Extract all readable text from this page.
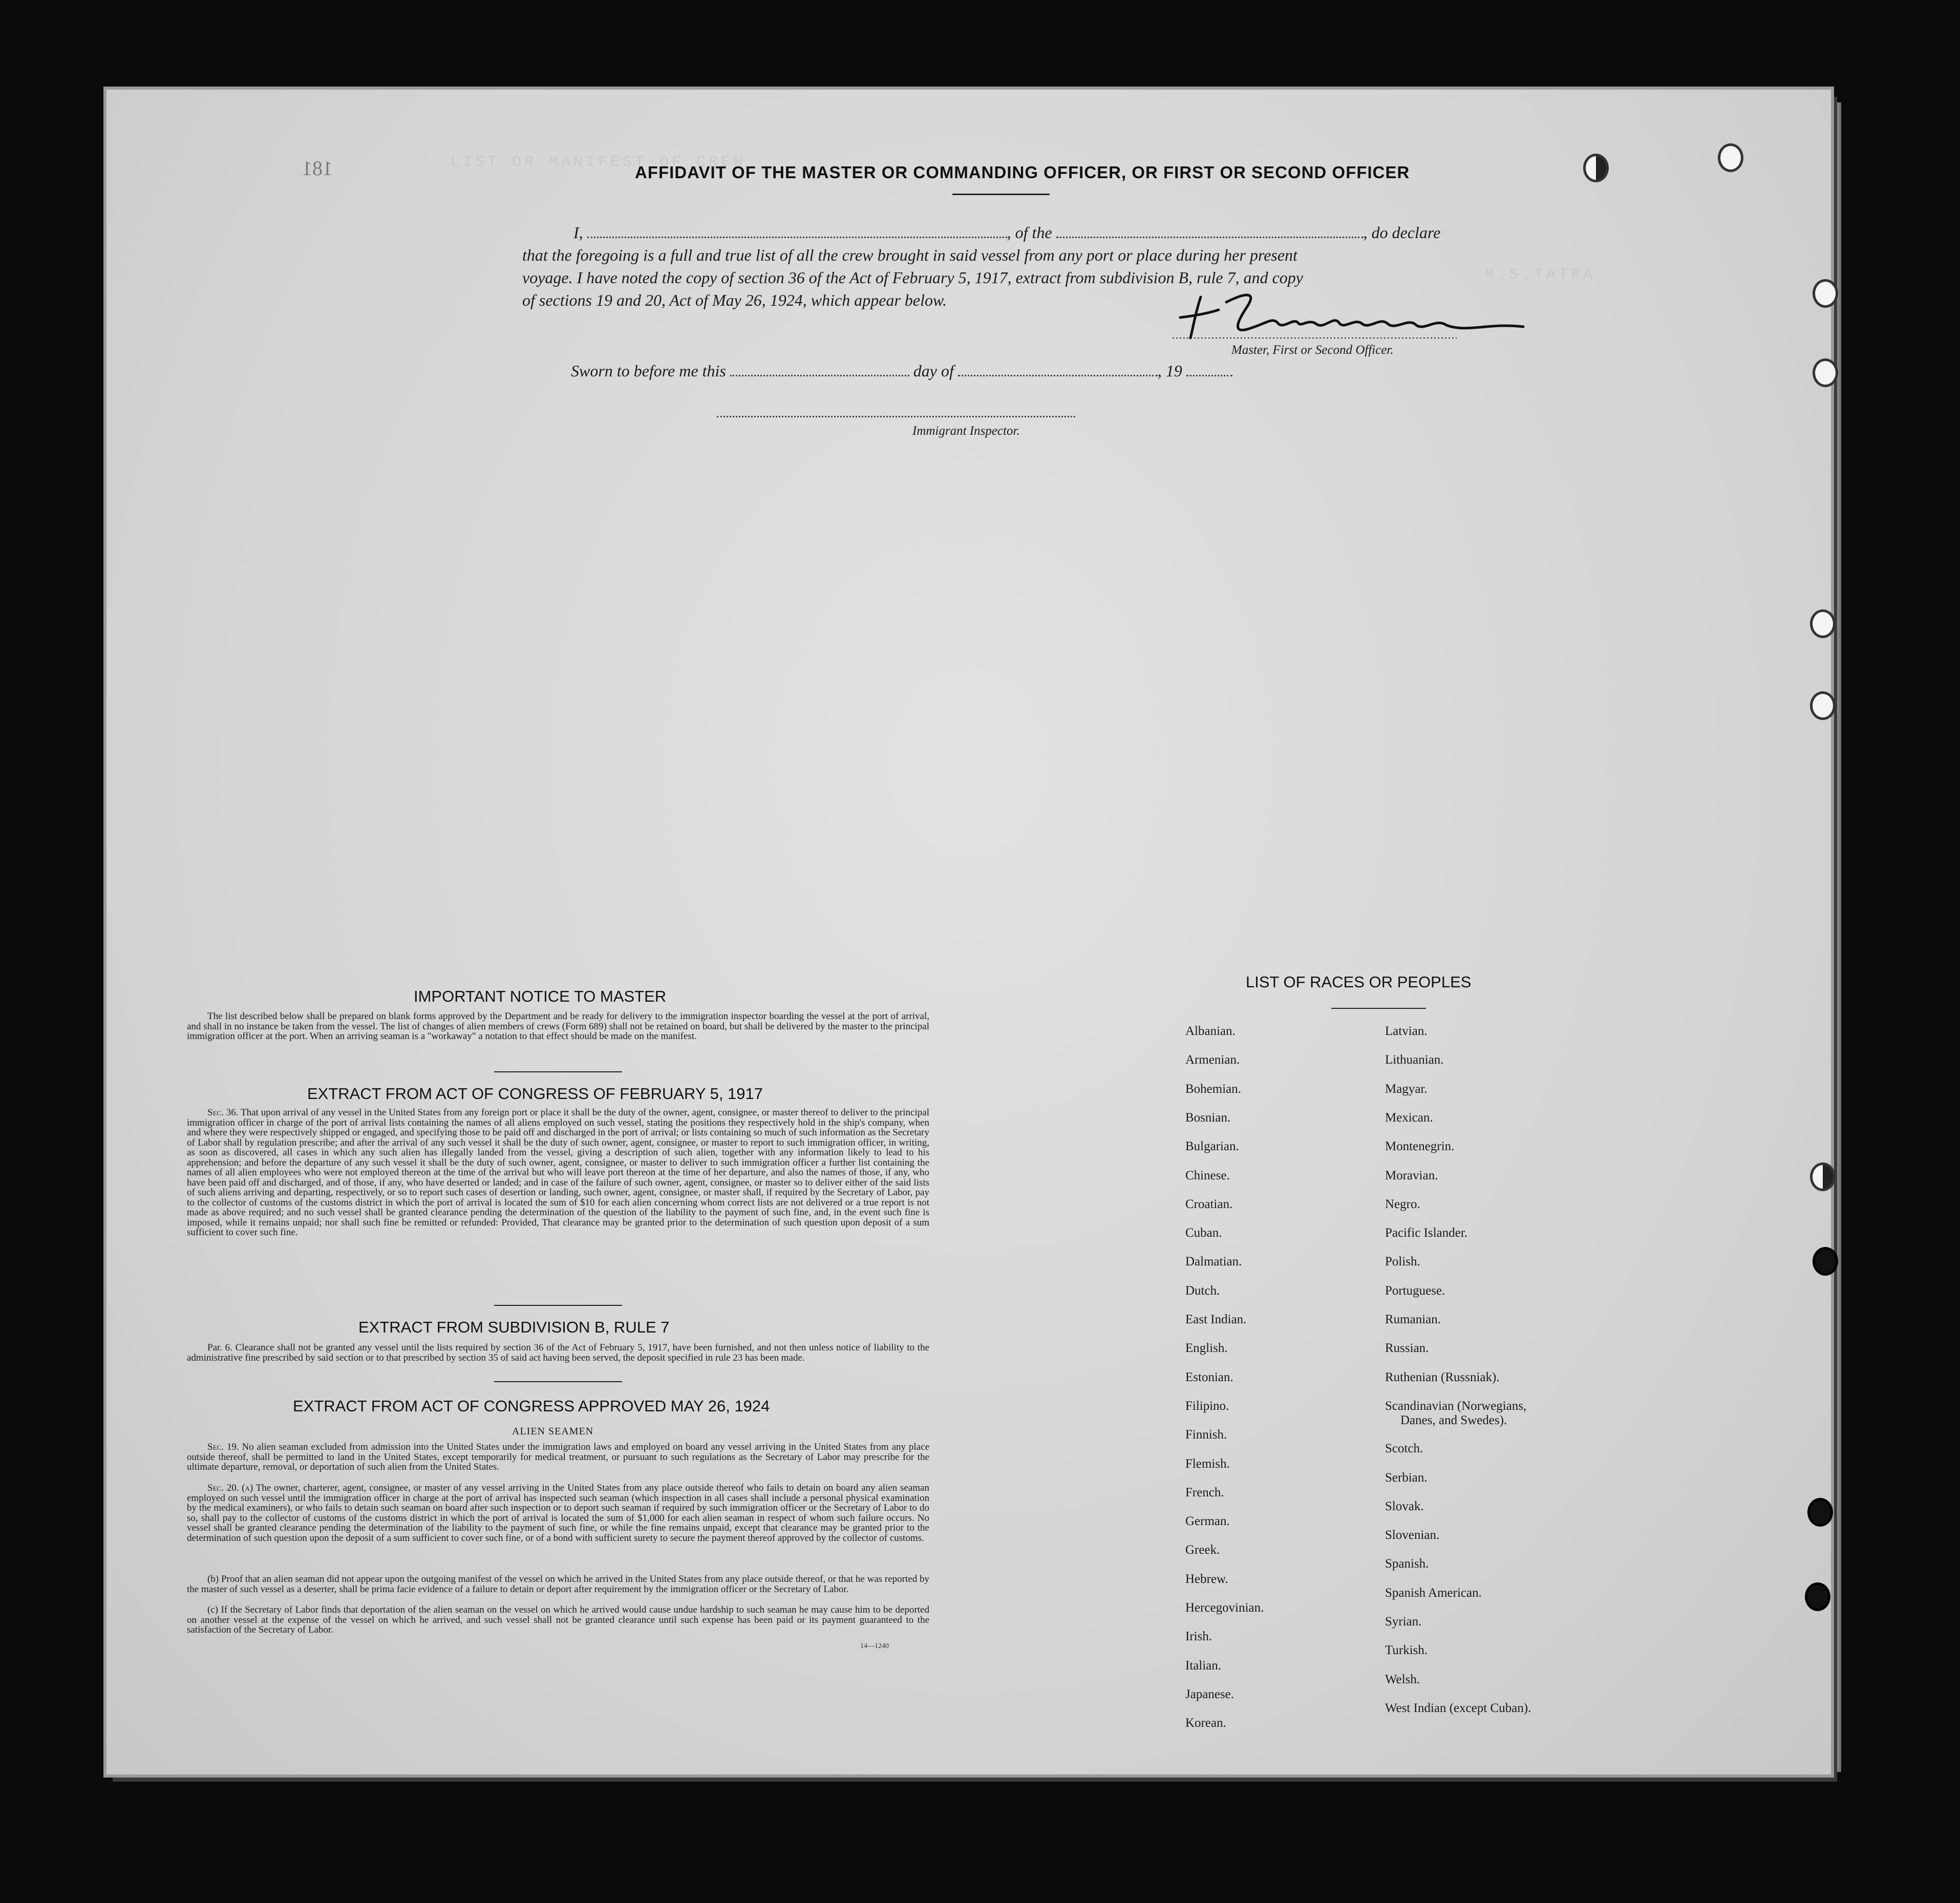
LIST OR MANIFEST OF CREW
M.S.TATRA
181	AFFIDAVIT OF THE MASTER OR COMMANDING OFFICER, OR FIRST OR SECOND OFFICER
I,	, of the	, do declare
that the foregoing is a full and true list of all the crew brought in said vessel from any port or place during her present
voyage. I have noted the copy of section 36 of the Act of February 5, 1917, extract from subdivision B, rule 7, and copy
of sections 19 and 20, Act of May 26, 1924, which appear below.
Master, First or Second Officer.
Sworn to before me this	day of	, 19
Immigrant Inspector.
IMPORTANT NOTICE TO MASTER
The list described below shall be prepared on blank forms approved by the Department and be ready for delivery to the immigration inspector boarding the vessel at the port of arrival, and shall in no instance be taken from the vessel. The list of changes of alien members of crews (Form 689) shall not be retained on board, but shall be delivered by the master to the principal immigration officer at the port. When an arriving seaman is a "workaway" a notation to that effect should be made on the manifest.
EXTRACT FROM ACT OF CONGRESS OF FEBRUARY 5, 1917
Sec. 36. That upon arrival of any vessel in the United States from any foreign port or place it shall be the duty of the owner, agent, consignee, or master thereof to deliver to the principal immigration officer in charge of the port of arrival lists containing the names of all aliens employed on such vessel, stating the positions they respectively hold in the ship's company, when and where they were respectively shipped or engaged, and specifying those to be paid off and discharged in the port of arrival; or lists containing so much of such information as the Secretary of Labor shall by regulation prescribe; and after the arrival of any such vessel it shall be the duty of such owner, agent, consignee, or master to report to such immigration officer, in writing, as soon as discovered, all cases in which any such alien has illegally landed from the vessel, giving a description of such alien, together with any information likely to lead to his apprehension; and before the departure of any such vessel it shall be the duty of such owner, agent, consignee, or master to deliver to such immigration officer a further list containing the names of all alien employees who were not employed thereon at the time of the arrival but who will leave port thereon at the time of her departure, and also the names of those, if any, who have been paid off and discharged, and of those, if any, who have deserted or landed; and in case of the failure of such owner, agent, consignee, or master so to deliver either of the said lists of such aliens arriving and departing, respectively, or so to report such cases of desertion or landing, such owner, agent, consignee, or master shall, if required by the Secretary of Labor, pay to the collector of customs of the customs district in which the port of arrival is located the sum of $10 for each alien concerning whom correct lists are not delivered or a true report is not made as above required; and no such vessel shall be granted clearance pending the determination of the question of the liability to the payment of such fine, and, in the event such fine is imposed, while it remains unpaid; nor shall such fine be remitted or refunded: Provided, That clearance may be granted prior to the determination of such question upon deposit of a sum sufficient to cover such fine.
EXTRACT FROM SUBDIVISION B, RULE 7
Par. 6. Clearance shall not be granted any vessel until the lists required by section 36 of the Act of February 5, 1917, have been furnished, and not then unless notice of liability to the administrative fine prescribed by said section or to that prescribed by section 35 of said act having been served, the deposit specified in rule 23 has been made.
EXTRACT FROM ACT OF CONGRESS APPROVED MAY 26, 1924
ALIEN SEAMEN
Sec. 19. No alien seaman excluded from admission into the United States under the immigration laws and employed on board any vessel arriving in the United States from any place outside thereof, shall be permitted to land in the United States, except temporarily for medical treatment, or pursuant to such regulations as the Secretary of Labor may prescribe for the ultimate departure, removal, or deportation of such alien from the United States.
Sec. 20. (a) The owner, charterer, agent, consignee, or master of any vessel arriving in the United States from any place outside thereof who fails to detain on board any alien seaman employed on such vessel until the immigration officer in charge at the port of arrival has inspected such seaman (which inspection in all cases shall include a personal physical examination by the medical examiners), or who fails to detain such seaman on board after such inspection or to deport such seaman if required by such immigration officer or the Secretary of Labor to do so, shall pay to the collector of customs of the customs district in which the port of arrival is located the sum of $1,000 for each alien seaman in respect of whom such failure occurs. No vessel shall be granted clearance pending the determination of the liability to the payment of such fine, or while the fine remains unpaid, except that clearance may be granted prior to the determination of such question upon the deposit of a sum sufficient to cover such fine, or of a bond with sufficient surety to secure the payment thereof approved by the collector of customs.
(b) Proof that an alien seaman did not appear upon the outgoing manifest of the vessel on which he arrived in the United States from any place outside thereof, or that he was reported by the master of such vessel as a deserter, shall be prima facie evidence of a failure to detain or deport after requirement by the immigration officer or the Secretary of Labor.
(c) If the Secretary of Labor finds that deportation of the alien seaman on the vessel on which he arrived would cause undue hardship to such seaman he may cause him to be deported on another vessel at the expense of the vessel on which he arrived, and such vessel shall not be granted clearance until such expense has been paid or its payment guaranteed to the satisfaction of the Secretary of Labor.
14—1240
LIST OF RACES OR PEOPLES
Albanian.
Armenian.
Bohemian.
Bosnian.
Bulgarian.
Chinese.
Croatian.
Cuban.
Dalmatian.
Dutch.
East Indian.
English.
Estonian.
Filipino.
Finnish.
Flemish.
French.
German.
Greek.
Hebrew.
Hercegovinian.
Irish.
Italian.
Japanese.
Korean.
Latvian.
Lithuanian.
Magyar.
Mexican.
Montenegrin.
Moravian.
Negro.
Pacific Islander.
Polish.
Portuguese.
Rumanian.
Russian.
Ruthenian (Russniak).
Scandinavian (Norwegians,
Danes, and Swedes).
Scotch.
Serbian.
Slovak.
Slovenian.
Spanish.
Spanish American.
Syrian.
Turkish.
Welsh.
West Indian (except Cuban).
